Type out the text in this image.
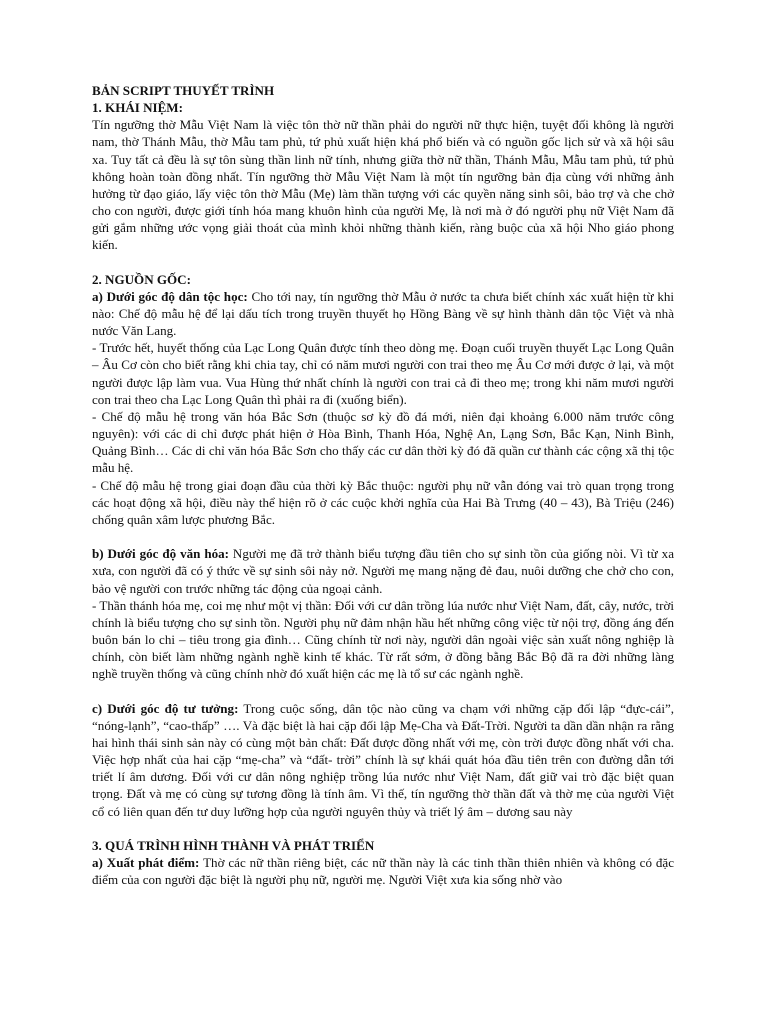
BẢN SCRIPT THUYẾT TRÌNH

1. KHÁI NIỆM:

Tín ngưỡng thờ Mẫu Việt Nam là việc tôn thờ nữ thần phải do người nữ thực hiện, tuyệt đối không là người nam, thờ Thánh Mẫu, thờ Mẫu tam phủ, tứ phủ xuất hiện khá phổ biến và có nguồn gốc lịch sử và xã hội sâu xa. Tuy tất cả đều là sự tôn sùng thần linh nữ tính, nhưng giữa thờ nữ thần, Thánh Mẫu, Mẫu tam phủ, tứ phủ không hoàn toàn đồng nhất. Tín ngưỡng thờ Mẫu Việt Nam là một tín ngưỡng bản địa cùng với những ảnh hưởng từ đạo giáo, lấy việc tôn thờ Mẫu (Mẹ) làm thần tượng với các quyền năng sinh sôi, bảo trợ và che chở cho con người, được giới tính hóa mang khuôn hình của người Mẹ, là nơi mà ở đó người phụ nữ Việt Nam đã gửi gắm những ước vọng giải thoát của mình khỏi những thành kiến, ràng buộc của xã hội Nho giáo phong kiến.

2. NGUỒN GỐC:

a) Dưới góc độ dân tộc học: Cho tới nay, tín ngưỡng thờ Mẫu ở nước ta chưa biết chính xác xuất hiện từ khi nào: Chế độ mẫu hệ để lại dấu tích trong truyền thuyết họ Hồng Bàng về sự hình thành dân tộc Việt và nhà nước Văn Lang.

- Trước hết, huyết thống của Lạc Long Quân được tính theo dòng mẹ. Đoạn cuối truyền thuyết Lạc Long Quân – Âu Cơ còn cho biết rằng khi chia tay, chỉ có năm mươi người con trai theo mẹ Âu Cơ mới được ở lại, và một người được lập làm vua. Vua Hùng thứ nhất chính là người con trai cả đi theo mẹ; trong khi năm mươi người con trai theo cha Lạc Long Quân thì phải ra đi (xuống biển).

- Chế độ mẫu hệ trong văn hóa Bắc Sơn (thuộc sơ kỳ đồ đá mới, niên đại khoảng 6.000 năm trước công nguyên): với các di chỉ được phát hiện ở Hòa Bình, Thanh Hóa, Nghệ An, Lạng Sơn, Bắc Kạn, Ninh Bình, Quảng Bình… Các di chỉ văn hóa Bắc Sơn cho thấy các cư dân thời kỳ đó đã quần cư thành các cộng xã thị tộc mẫu hệ.

- Chế độ mẫu hệ trong giai đoạn đầu của thời kỳ Bắc thuộc: người phụ nữ vẫn đóng vai trò quan trọng trong các hoạt động xã hội, điều này thể hiện rõ ở các cuộc khởi nghĩa của Hai Bà Trưng (40 – 43), Bà Triệu (246) chống quân xâm lược phương Bắc.

b) Dưới góc độ văn hóa: Người mẹ đã trở thành biểu tượng đầu tiên cho sự sinh tồn của giống nòi. Vì từ xa xưa, con người đã có ý thức về sự sinh sôi nảy nở. Người mẹ mang nặng đẻ đau, nuôi dưỡng che chở cho con, bảo vệ người con trước những tác động của ngoại cảnh.

- Thần thánh hóa mẹ, coi mẹ như một vị thần: Đối với cư dân trồng lúa nước như Việt Nam, đất, cây, nước, trời chính là biểu tượng cho sự sinh tồn. Người phụ nữ đảm nhận hầu hết những công việc từ nội trợ, đồng áng đến buôn bán lo chi – tiêu trong gia đình… Cũng chính từ nơi này, người dân ngoài việc sản xuất nông nghiệp là chính, còn biết làm những ngành nghề kinh tế khác. Từ rất sớm, ở đồng bằng Bắc Bộ đã ra đời những làng nghề truyền thống và cũng chính nhờ đó xuất hiện các mẹ là tổ sư các ngành nghề.

c) Dưới góc độ tư tưởng: Trong cuộc sống, dân tộc nào cũng va chạm với những cặp đối lập “đực-cái”, “nóng-lạnh”, “cao-thấp” …. Và đặc biệt là hai cặp đối lập Mẹ-Cha và Đất-Trời. Người ta dần dần nhận ra rằng hai hình thái sinh sản này có cùng một bản chất: Đất được đồng nhất với mẹ, còn trời được đồng nhất với cha. Việc hợp nhất của hai cặp “mẹ-cha” và “đất- trời” chính là sự khái quát hóa đầu tiên trên con đường dẫn tới triết lí âm dương. Đối với cư dân nông nghiệp trồng lúa nước như Việt Nam, đất giữ vai trò đặc biệt quan trọng. Đất và mẹ có cùng sự tương đồng là tính âm. Vì thế, tín ngưỡng thờ thần đất và thờ mẹ của người Việt cổ có liên quan đến tư duy lưỡng hợp của người nguyên thủy và triết lý âm – dương sau này

3. QUÁ TRÌNH HÌNH THÀNH VÀ PHÁT TRIỂN

a) Xuất phát điểm: Thờ các nữ thần riêng biệt, các nữ thần này là các tinh thần thiên nhiên và không có đặc điểm của con người đặc biệt là người phụ nữ, người mẹ. Người Việt xưa kia sống nhờ vào
